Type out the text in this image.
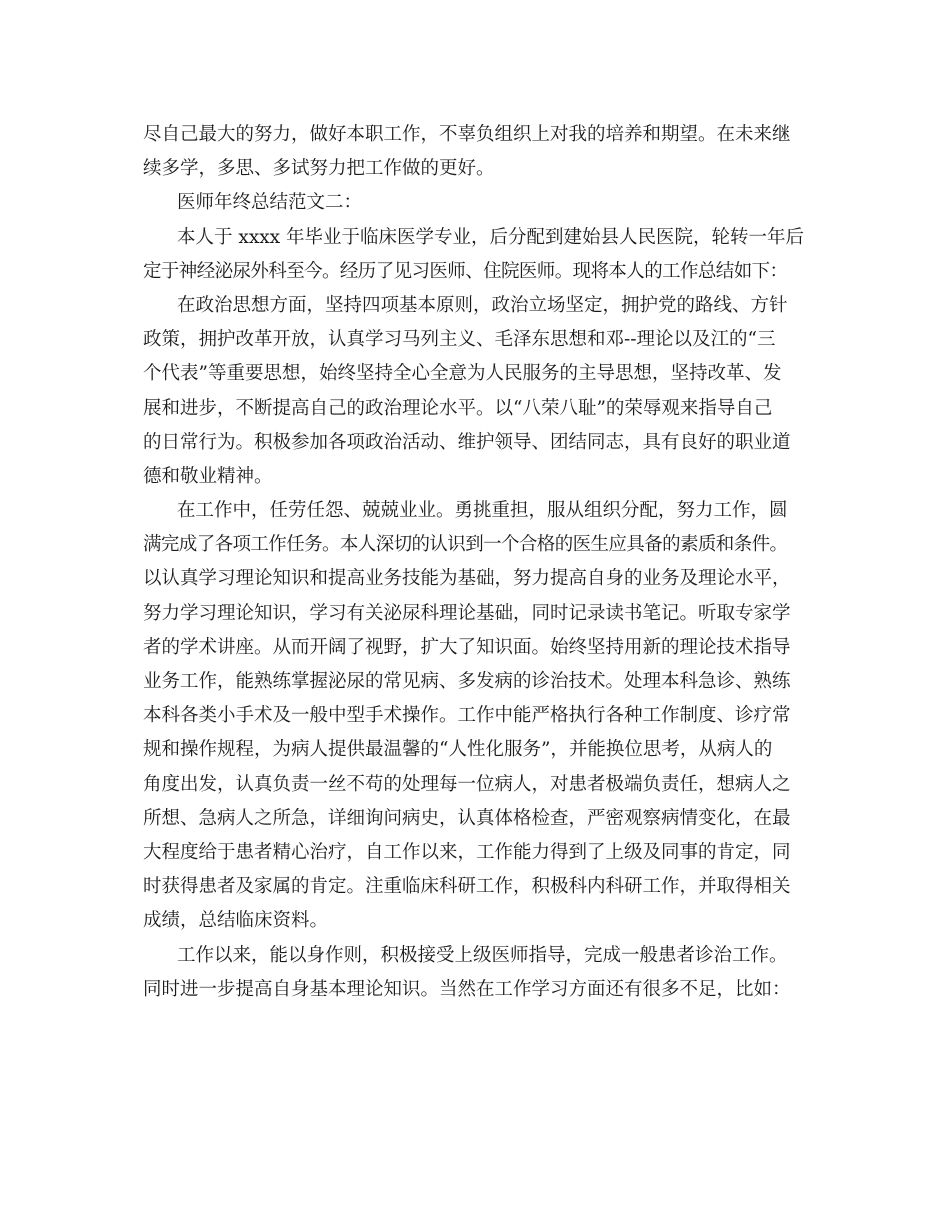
尽自己最大的努力，做好本职工作，不辜负组织上对我的培养和期望。在未来继
续多学，多思、多试努力把工作做的更好。
医师年终总结范文二：
本人于 xxxx 年毕业于临床医学专业，后分配到建始县人民医院，轮转一年后
定于神经泌尿外科至今。经历了见习医师、住院医师。现将本人的工作总结如下：
在政治思想方面，坚持四项基本原则，政治立场坚定，拥护党的路线、方针
政策，拥护改革开放，认真学习马列主义、毛泽东思想和邓--理论以及江的“三
个代表”等重要思想，始终坚持全心全意为人民服务的主导思想，坚持改革、发
展和进步，不断提高自己的政治理论水平。以“八荣八耻”的荣辱观来指导自己
的日常行为。积极参加各项政治活动、维护领导、团结同志，具有良好的职业道
德和敬业精神。
在工作中，任劳任怨、兢兢业业。勇挑重担，服从组织分配，努力工作，圆
满完成了各项工作任务。本人深切的认识到一个合格的医生应具备的素质和条件。
以认真学习理论知识和提高业务技能为基础，努力提高自身的业务及理论水平，
努力学习理论知识，学习有关泌尿科理论基础，同时记录读书笔记。听取专家学
者的学术讲座。从而开阔了视野，扩大了知识面。始终坚持用新的理论技术指导
业务工作，能熟练掌握泌尿的常见病、多发病的诊治技术。处理本科急诊、熟练
本科各类小手术及一般中型手术操作。工作中能严格执行各种工作制度、诊疗常
规和操作规程，为病人提供最温馨的“人性化服务”，并能换位思考，从病人的
角度出发，认真负责一丝不苟的处理每一位病人，对患者极端负责任，想病人之
所想、急病人之所急，详细询问病史，认真体格检查，严密观察病情变化，在最
大程度给于患者精心治疗，自工作以来，工作能力得到了上级及同事的肯定，同
时获得患者及家属的肯定。注重临床科研工作，积极科内科研工作，并取得相关
成绩，总结临床资料。
工作以来，能以身作则，积极接受上级医师指导，完成一般患者诊治工作。
同时进一步提高自身基本理论知识。当然在工作学习方面还有很多不足，比如：
